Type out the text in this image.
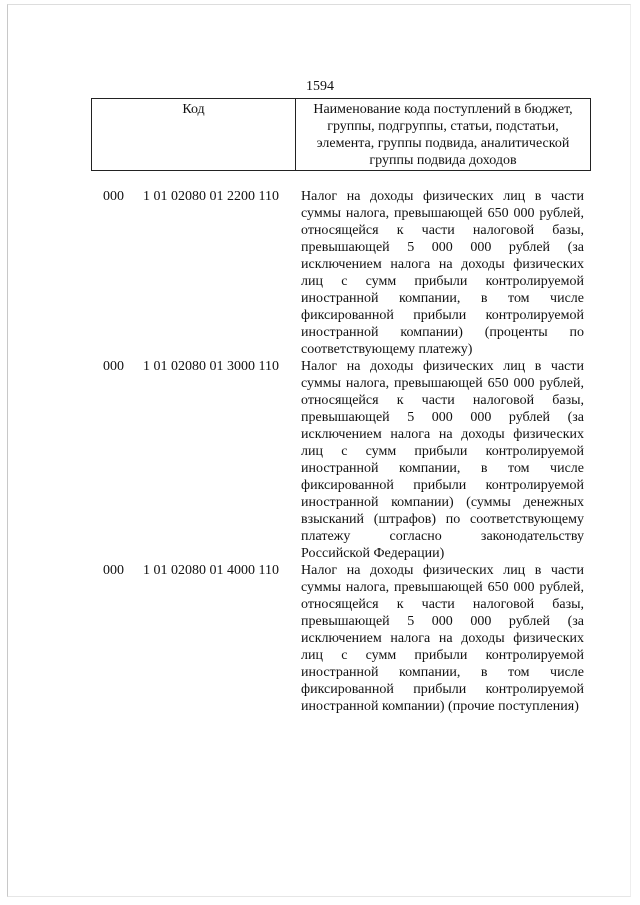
1594
Код	Наименование кода поступлений в бюджет, группы, подгруппы, статьи, подстатьи, элемента, группы подвида, аналитической группы подвида доходов
000 1 01 02080 01 2200 110 Налог на доходы физических лиц в части суммы налога, превышающей 650 000 рублей, относящейся к части налоговой базы, превышающей 5 000 000 рублей (за исключением налога на доходы физических лиц с сумм прибыли контролируемой иностранной компании, в том числе фиксированной прибыли контролируемой иностранной компании) (проценты по соответствующему платежу)
000 1 01 02080 01 3000 110 Налог на доходы физических лиц в части суммы налога, превышающей 650 000 рублей, относящейся к части налоговой базы, превышающей 5 000 000 рублей (за исключением налога на доходы физических лиц с сумм прибыли контролируемой иностранной компании, в том числе фиксированной прибыли контролируемой иностранной компании) (суммы денежных взысканий (штрафов) по соответствующему платежу согласно законодательству Российской Федерации)
000 1 01 02080 01 4000 110 Налог на доходы физических лиц в части суммы налога, превышающей 650 000 рублей, относящейся к части налоговой базы, превышающей 5 000 000 рублей (за исключением налога на доходы физических лиц с сумм прибыли контролируемой иностранной компании, в том числе фиксированной прибыли контролируемой иностранной компании) (прочие поступления)
